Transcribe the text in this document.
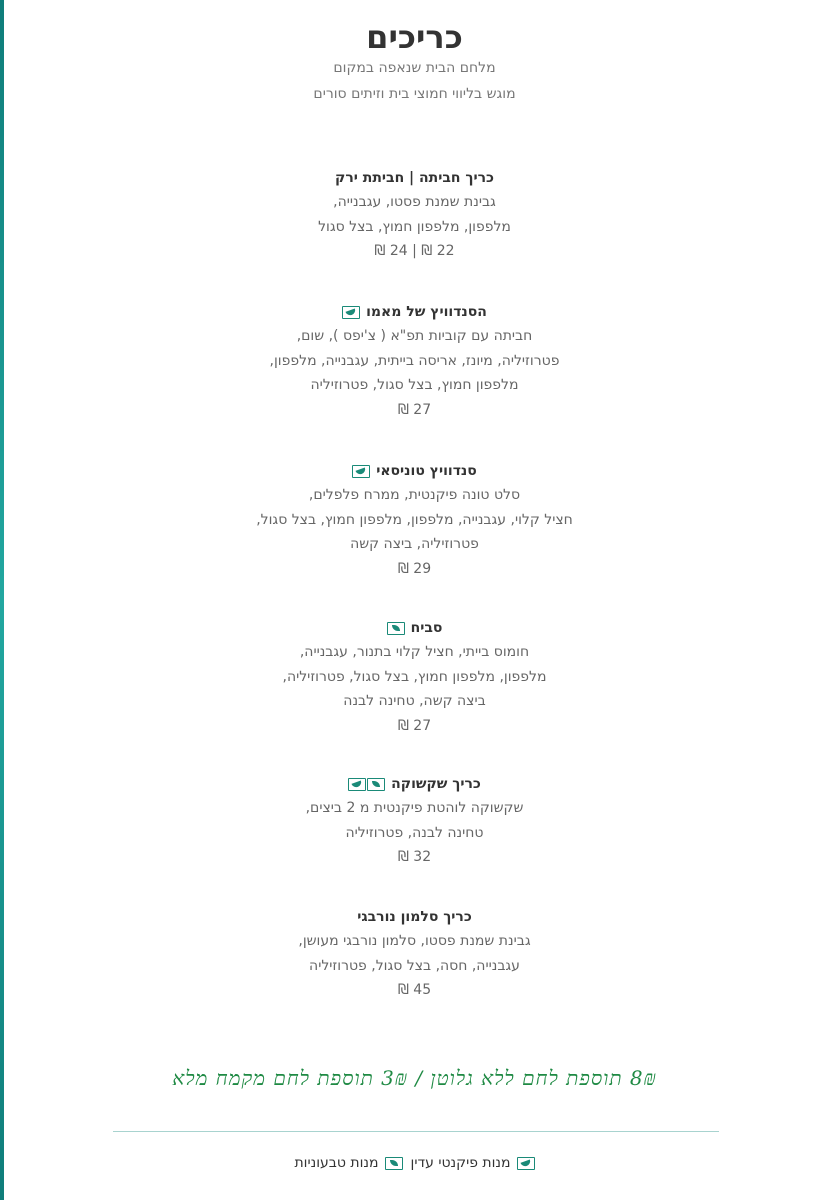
כריכים
מלחם הבית שנאפה במקום
מוגש בליווי חמוצי בית וזיתים סורים
כריך חביתה | חביתת ירק
גבינת שמנת פסטו, עגבנייה,
מלפפון, מלפפון חמוץ, בצל סגול
22 ₪ | 24 ₪
הסנדוויץ של מאמו
חביתה עם קוביות תפ"א ( צ'יפס ), שום,
פטרוזיליה, מיונז, אריסה בייתית, עגבנייה, מלפפון,
מלפפון חמוץ, בצל סגול, פטרוזיליה
27 ₪
סנדוויץ טוניסאי
סלט טונה פיקנטית, ממרח פלפלים,
חציל קלוי, עגבנייה, מלפפון, מלפפון חמוץ, בצל סגול,
פטרוזיליה, ביצה קשה
29 ₪
סביח
חומוס בייתי, חציל קלוי בתנור, עגבנייה,
מלפפון, מלפפון חמוץ, בצל סגול, פטרוזיליה,
ביצה קשה, טחינה לבנה
27 ₪
כריך שקשוקה
שקשוקה לוהטת פיקנטית מ 2 ביצים,
טחינה לבנה, פטרוזיליה
32 ₪
כריך סלמון נורבגי
גבינת שמנת פסטו, סלמון נורבגי מעושן,
עגבנייה, חסה, בצל סגול, פטרוזיליה
45 ₪
8₪ תוספת לחם ללא גלוטן / 3₪ תוספת לחם מקמח מלא
מנות פיקנטי עדין
מנות טבעוניות
